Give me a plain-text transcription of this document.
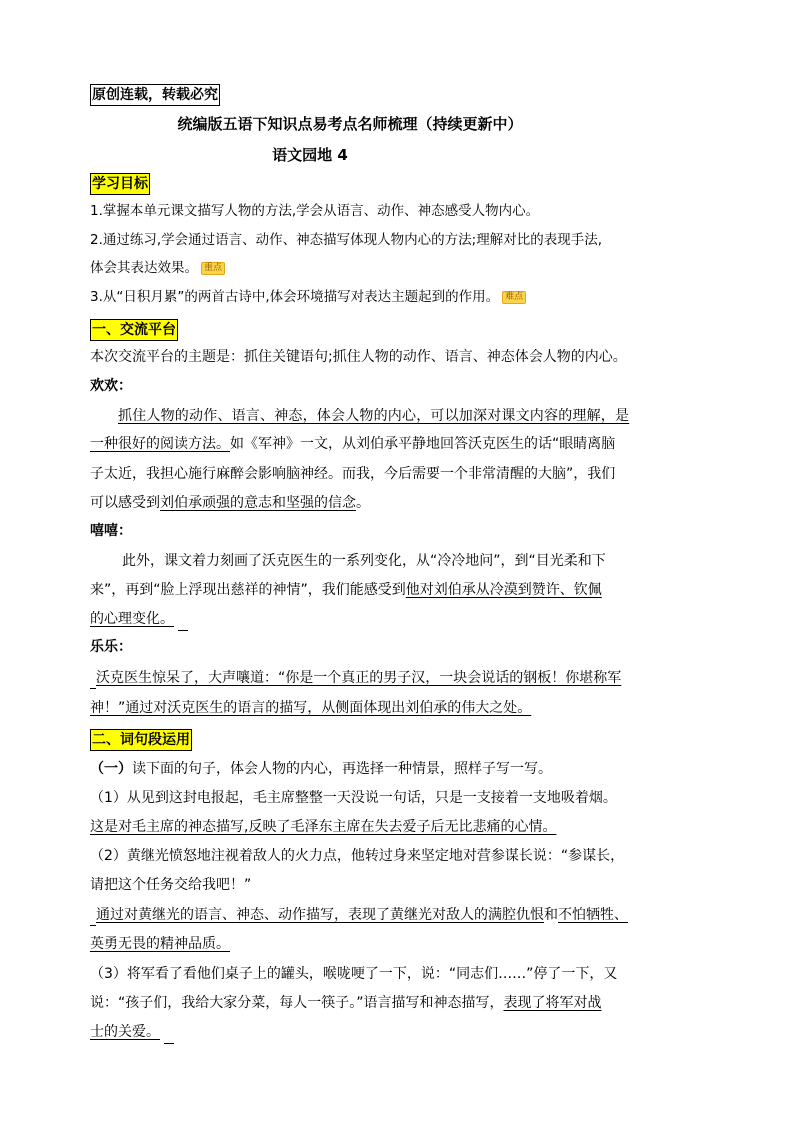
原创连载，转载必究
统编版五语下知识点易考点名师梳理（持续更新中）
语文园地 4
学习目标
1.掌握本单元课文描写人物的方法,学会从语言、动作、神态感受人物内心。
2.通过练习,学会通过语言、动作、神态描写体现人物内心的方法;理解对比的表现手法,
体会其表达效果。 重点
3.从“日积月累”的两首古诗中,体会环境描写对表达主题起到的作用。 难点
一、交流平台
本次交流平台的主题是：抓住关键语句;抓住人物的动作、语言、神态体会人物的内心。
欢欢：
抓住人物的动作、语言、神态，体会人物的内心，可以加深对课文内容的理解，是
一种很好的阅读方法。如《军神》一文，从刘伯承平静地回答沃克医生的话“眼睛离脑
子太近，我担心施行麻醉会影响脑神经。而我，今后需要一个非常清醒的大脑”，我们
可以感受到刘伯承顽强的意志和坚强的信念。
嘻嘻：
此外，课文着力刻画了沃克医生的一系列变化，从“冷冷地问”，到“目光柔和下
来”，再到“脸上浮现出慈祥的神情”，我们能感受到他对刘伯承从冷漠到赞许、钦佩
的心理变化。
乐乐：
沃克医生惊呆了，大声嚷道：“你是一个真正的男子汉，一块会说话的钢板！你堪称军
神！”通过对沃克医生的语言的描写，从侧面体现出刘伯承的伟大之处。
二、词句段运用
（一）读下面的句子，体会人物的内心，再选择一种情景，照样子写一写。
（1）从见到这封电报起，毛主席整整一天没说一句话，只是一支接着一支地吸着烟。
这是对毛主席的神态描写,反映了毛泽东主席在失去爱子后无比悲痛的心情。
（2）黄继光愤怒地注视着敌人的火力点，他转过身来坚定地对营参谋长说：“参谋长，
请把这个任务交给我吧！”
通过对黄继光的语言、神态、动作描写，表现了黄继光对敌人的满腔仇恨和不怕牺牲、
英勇无畏的精神品质。
（3）将军看了看他们桌子上的罐头，喉咙哽了一下，说：“同志们……”停了一下，又
说：“孩子们，我给大家分菜，每人一筷子。”语言描写和神态描写，表现了将军对战
士的关爱。
